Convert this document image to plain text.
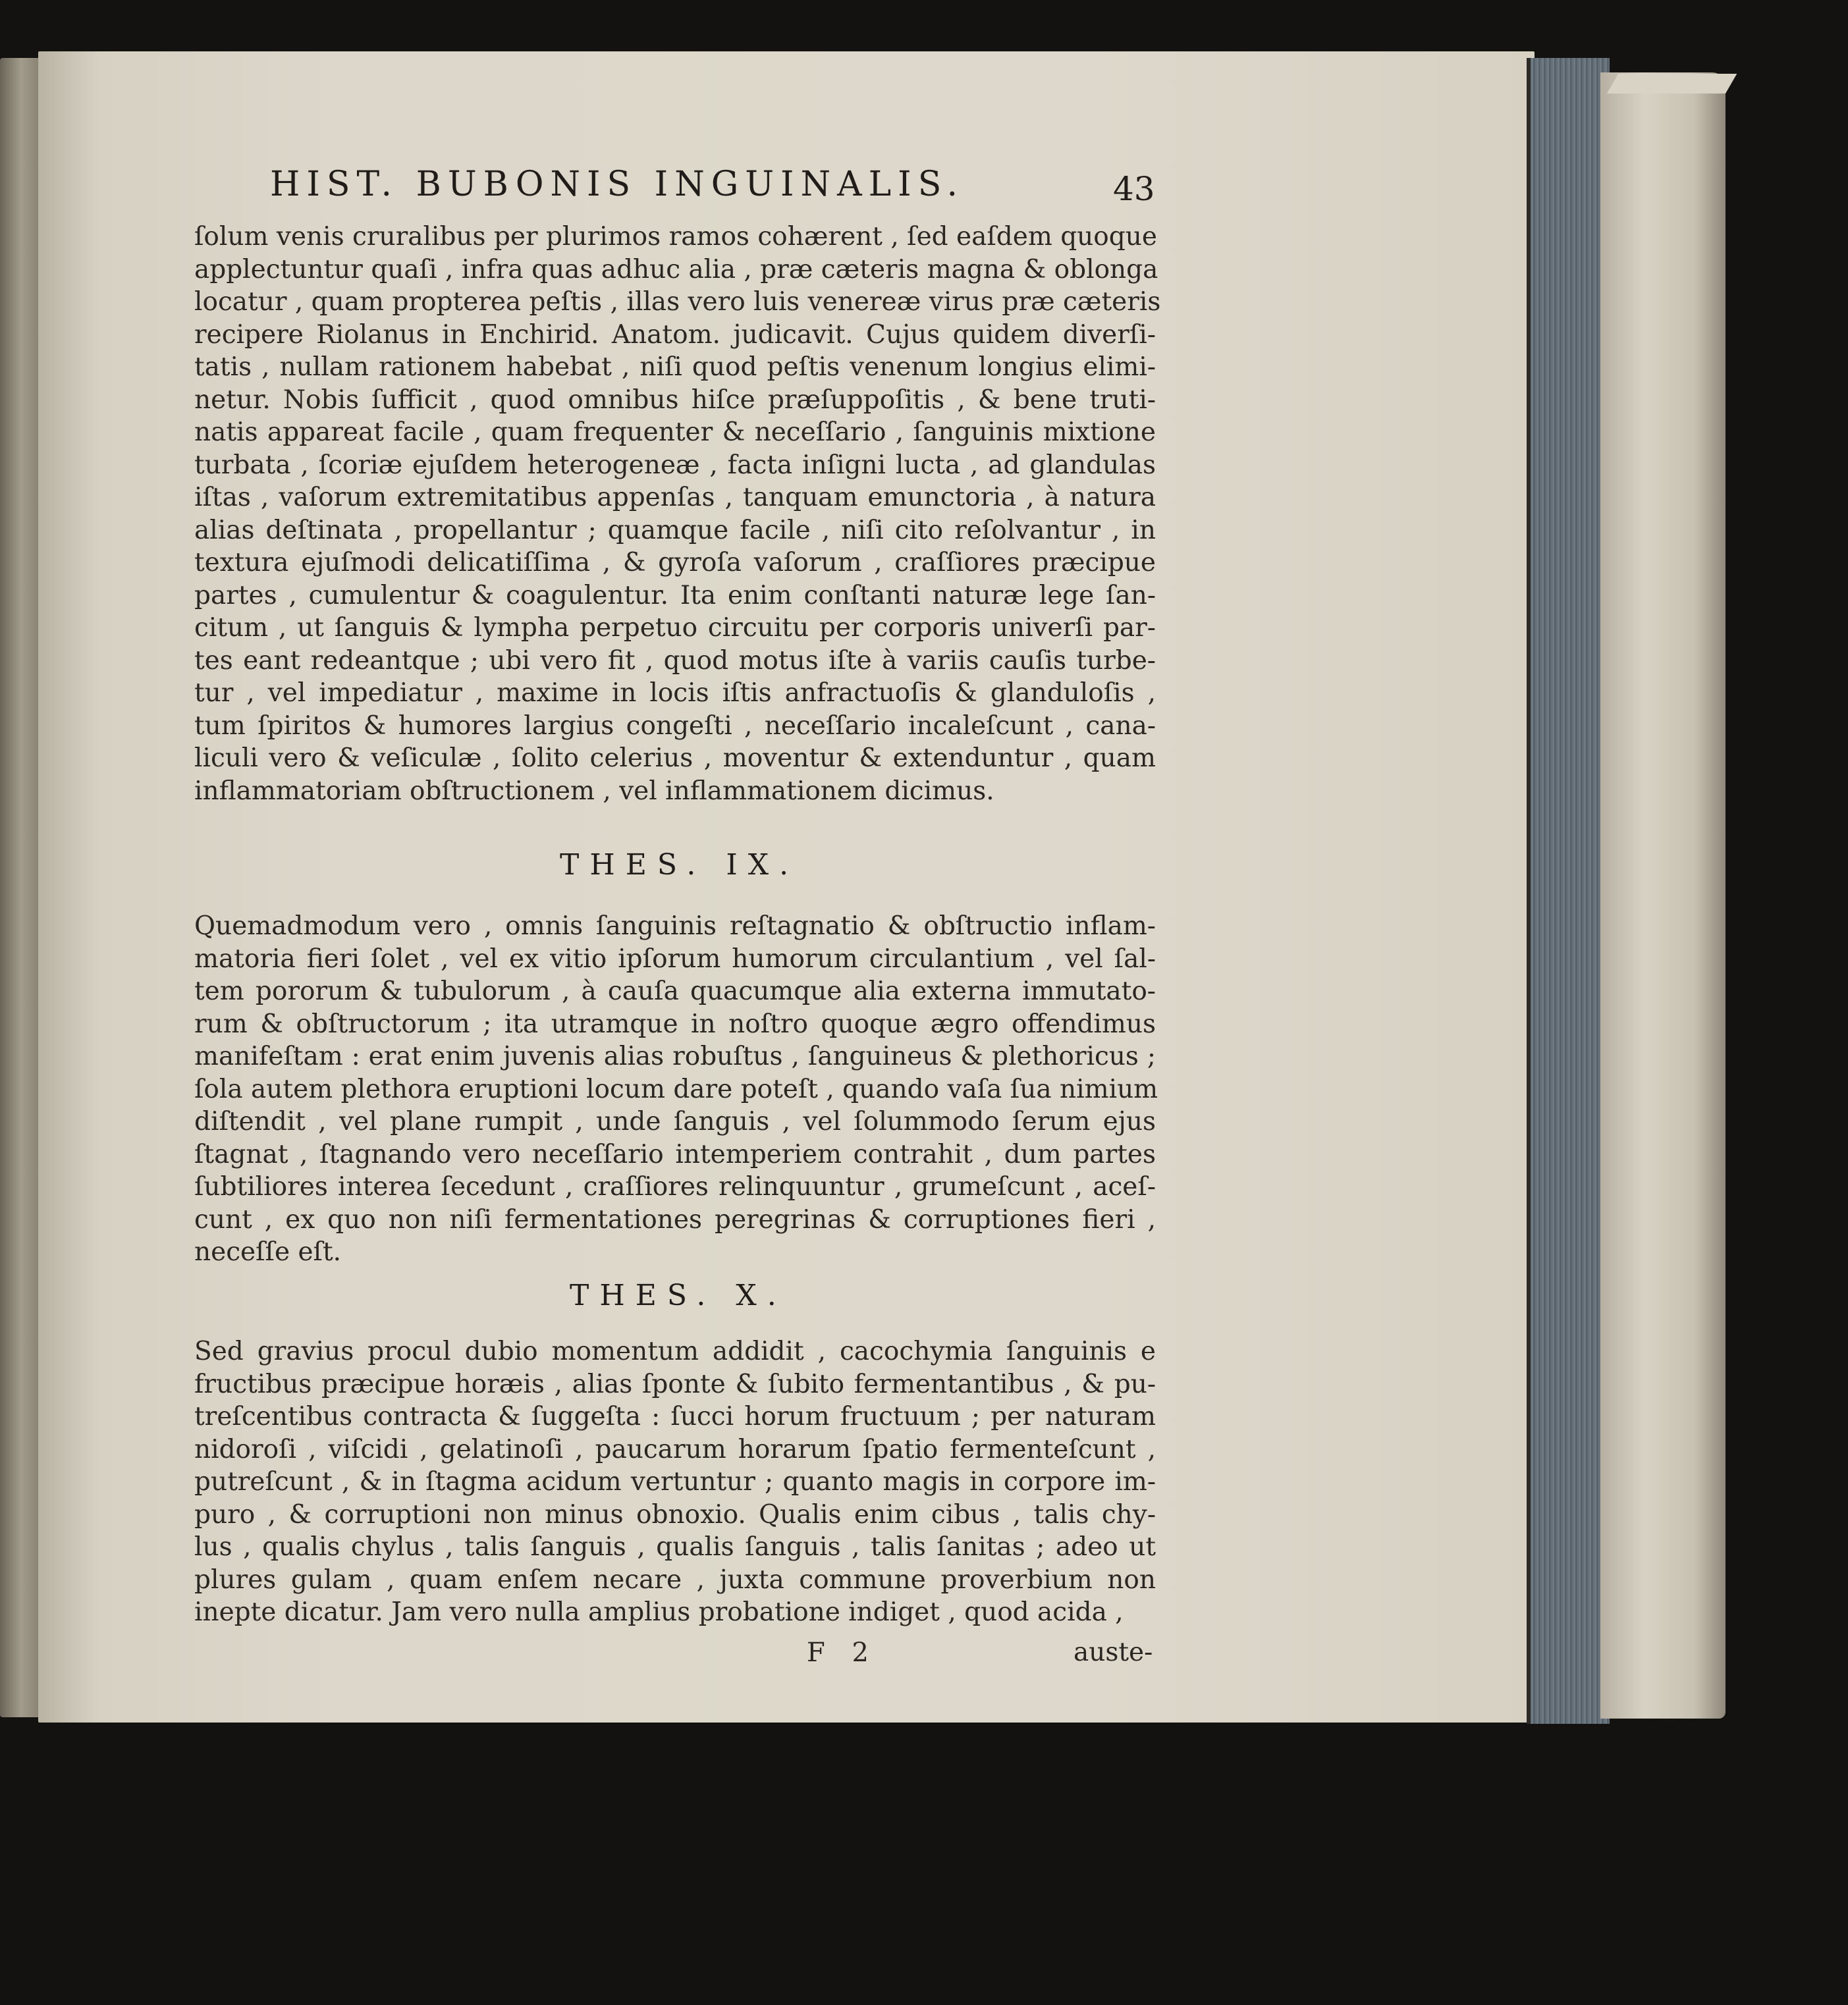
HIST. BUBONIS INGUINALIS.	43
ſolum venis cruralibus per plurimos ramos cohærent , ſed eaſdem quoque
applectuntur quaſi , infra quas adhuc alia , præ cæteris magna & oblonga
locatur , quam propterea peſtis , illas vero luis venereæ virus præ cæteris
recipere Riolanus in Enchirid. Anatom. judicavit. Cujus quidem diverſi-
tatis , nullam rationem habebat , niſi quod peſtis venenum longius elimi-
netur. Nobis ſufficit , quod omnibus hiſce præſuppoſitis , & bene truti-
natis appareat facile , quam frequenter & neceſſario , ſanguinis mixtione
turbata , ſcoriæ ejuſdem heterogeneæ , facta inſigni lucta , ad glandulas
iſtas , vaſorum extremitatibus appenſas , tanquam emunctoria , à natura
alias deſtinata , propellantur ; quamque facile , niſi cito reſolvantur , in
textura ejuſmodi delicatiſſima , & gyroſa vaſorum , craſſiores præcipue
partes , cumulentur & coagulentur. Ita enim conſtanti naturæ lege ſan-
citum , ut ſanguis & lympha perpetuo circuitu per corporis univerſi par-
tes eant redeantque ; ubi vero fit , quod motus iſte à variis cauſis turbe-
tur , vel impediatur , maxime in locis iſtis anfractuoſis & glanduloſis ,
tum ſpiritos & humores largius congeſti , neceſſario incaleſcunt , cana-
liculi vero & veſiculæ , ſolito celerius , moventur & extenduntur , quam
inflammatoriam obſtructionem , vel inflammationem dicimus.
THES. IX.
Quemadmodum vero , omnis ſanguinis reſtagnatio & obſtructio inflam-
matoria fieri ſolet , vel ex vitio ipſorum humorum circulantium , vel ſal-
tem pororum & tubulorum , à cauſa quacumque alia externa immutato-
rum & obſtructorum ; ita utramque in noſtro quoque ægro offendimus
manifeſtam : erat enim juvenis alias robuſtus , ſanguineus & plethoricus ;
ſola autem plethora eruptioni locum dare poteſt , quando vaſa ſua nimium
diſtendit , vel plane rumpit , unde ſanguis , vel ſolummodo ſerum ejus
ſtagnat , ſtagnando vero neceſſario intemperiem contrahit , dum partes
ſubtiliores interea ſecedunt , craſſiores relinquuntur , grumeſcunt , aceſ-
cunt , ex quo non niſi fermentationes peregrinas & corruptiones fieri ,
neceſſe eſt.
THES. X.
Sed gravius procul dubio momentum addidit , cacochymia ſanguinis e
fructibus præcipue horæis , alias ſponte & ſubito fermentantibus , & pu-
treſcentibus contracta & ſuggeſta : ſucci horum fructuum ; per naturam
nidoroſi , viſcidi , gelatinoſi , paucarum horarum ſpatio fermenteſcunt ,
putreſcunt , & in ſtagma acidum vertuntur ; quanto magis in corpore im-
puro , & corruptioni non minus obnoxio. Qualis enim cibus , talis chy-
lus , qualis chylus , talis ſanguis , qualis ſanguis , talis ſanitas ; adeo ut
plures gulam , quam enſem necare , juxta commune proverbium non
inepte dicatur. Jam vero nulla amplius probatione indiget , quod acida ,
F 2	auste-
